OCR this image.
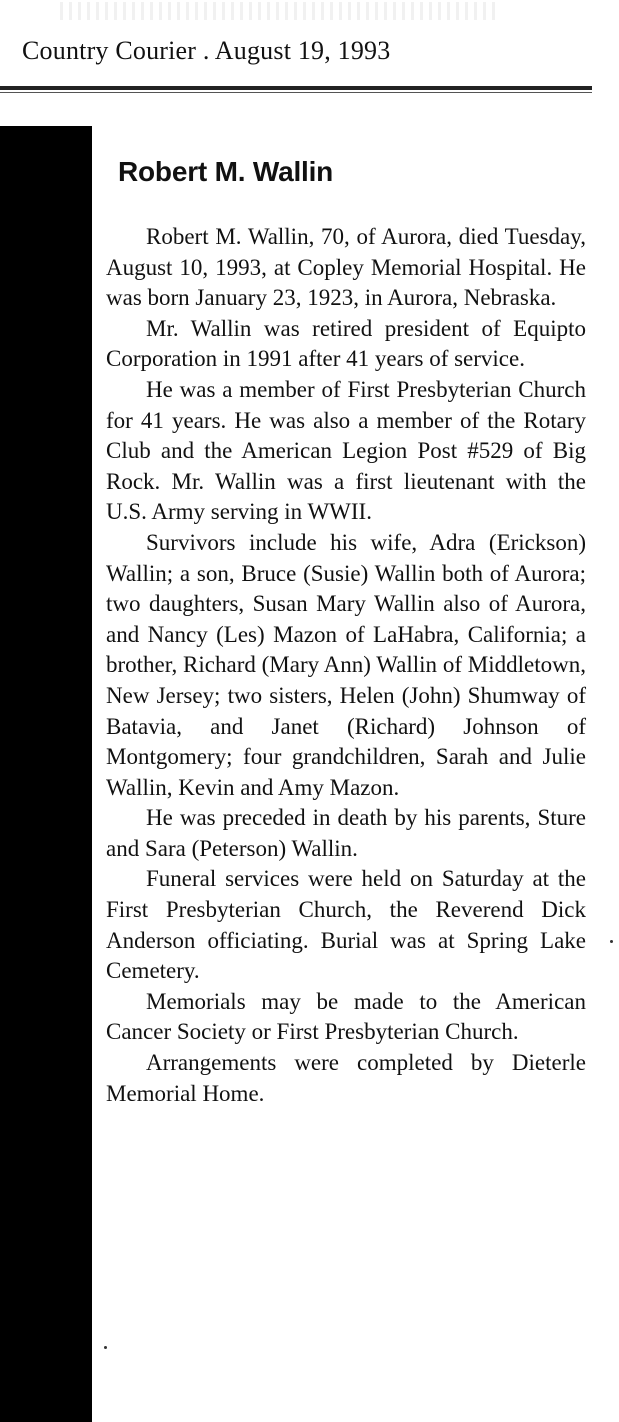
Country Courier . August 19, 1993
Robert M. Wallin

Robert M. Wallin, 70, of Aurora, died Tuesday, August 10, 1993, at Copley Memorial Hospital. He was born January 23, 1923, in Aurora, Nebraska.

Mr. Wallin was retired president of Equipto Corporation in 1991 after 41 years of service.

He was a member of First Presbyterian Church for 41 years. He was also a member of the Rotary Club and the American Legion Post #529 of Big Rock. Mr. Wallin was a first lieutenant with the U.S. Army serving in WWII.

Survivors include his wife, Adra (Erickson) Wallin; a son, Bruce (Susie) Wallin both of Aurora; two daughters, Susan Mary Wallin also of Aurora, and Nancy (Les) Mazon of LaHabra, California; a brother, Richard (Mary Ann) Wallin of Middletown, New Jersey; two sisters, Helen (John) Shumway of Batavia, and Janet (Richard) Johnson of Montgomery; four grandchildren, Sarah and Julie Wallin, Kevin and Amy Mazon.

He was preceded in death by his parents, Sture and Sara (Peterson) Wallin.

Funeral services were held on Saturday at the First Presbyterian Church, the Reverend Dick Anderson officiating. Burial was at Spring Lake Cemetery.

Memorials may be made to the American Cancer Society or First Presbyterian Church.

Arrangements were completed by Dieterle Memorial Home.
